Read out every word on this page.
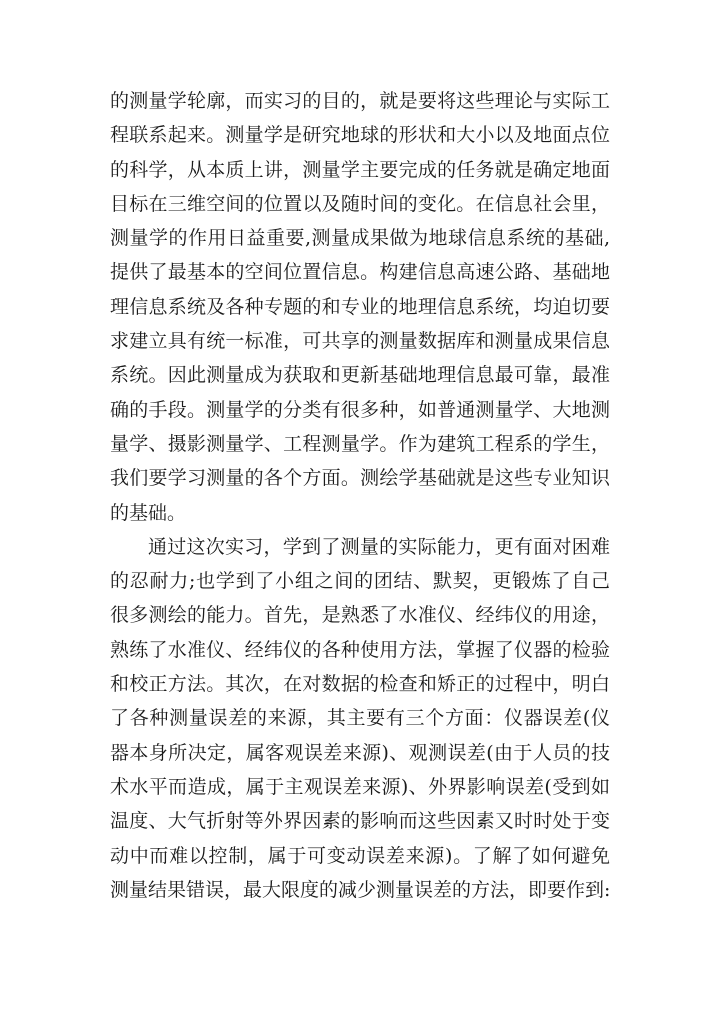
的测量学轮廓，而实习的目的，就是要将这些理论与实际工
程联系起来。测量学是研究地球的形状和大小以及地面点位
的科学，从本质上讲，测量学主要完成的任务就是确定地面
目标在三维空间的位置以及随时间的变化。在信息社会里，
测量学的作用日益重要,测量成果做为地球信息系统的基础,
提供了最基本的空间位置信息。构建信息高速公路、基础地
理信息系统及各种专题的和专业的地理信息系统，均迫切要
求建立具有统一标准，可共享的测量数据库和测量成果信息
系统。因此测量成为获取和更新基础地理信息最可靠，最准
确的手段。测量学的分类有很多种，如普通测量学、大地测
量学、摄影测量学、工程测量学。作为建筑工程系的学生，
我们要学习测量的各个方面。测绘学基础就是这些专业知识
的基础。
通过这次实习，学到了测量的实际能力，更有面对困难
的忍耐力;也学到了小组之间的团结、默契，更锻炼了自己
很多测绘的能力。首先，是熟悉了水准仪、经纬仪的用途，
熟练了水准仪、经纬仪的各种使用方法，掌握了仪器的检验
和校正方法。其次，在对数据的检查和矫正的过程中，明白
了各种测量误差的来源，其主要有三个方面：仪器误差(仪
器本身所决定，属客观误差来源)、观测误差(由于人员的技
术水平而造成，属于主观误差来源)、外界影响误差(受到如
温度、大气折射等外界因素的影响而这些因素又时时处于变
动中而难以控制，属于可变动误差来源)。了解了如何避免
测量结果错误，最大限度的减少测量误差的方法，即要作到:
